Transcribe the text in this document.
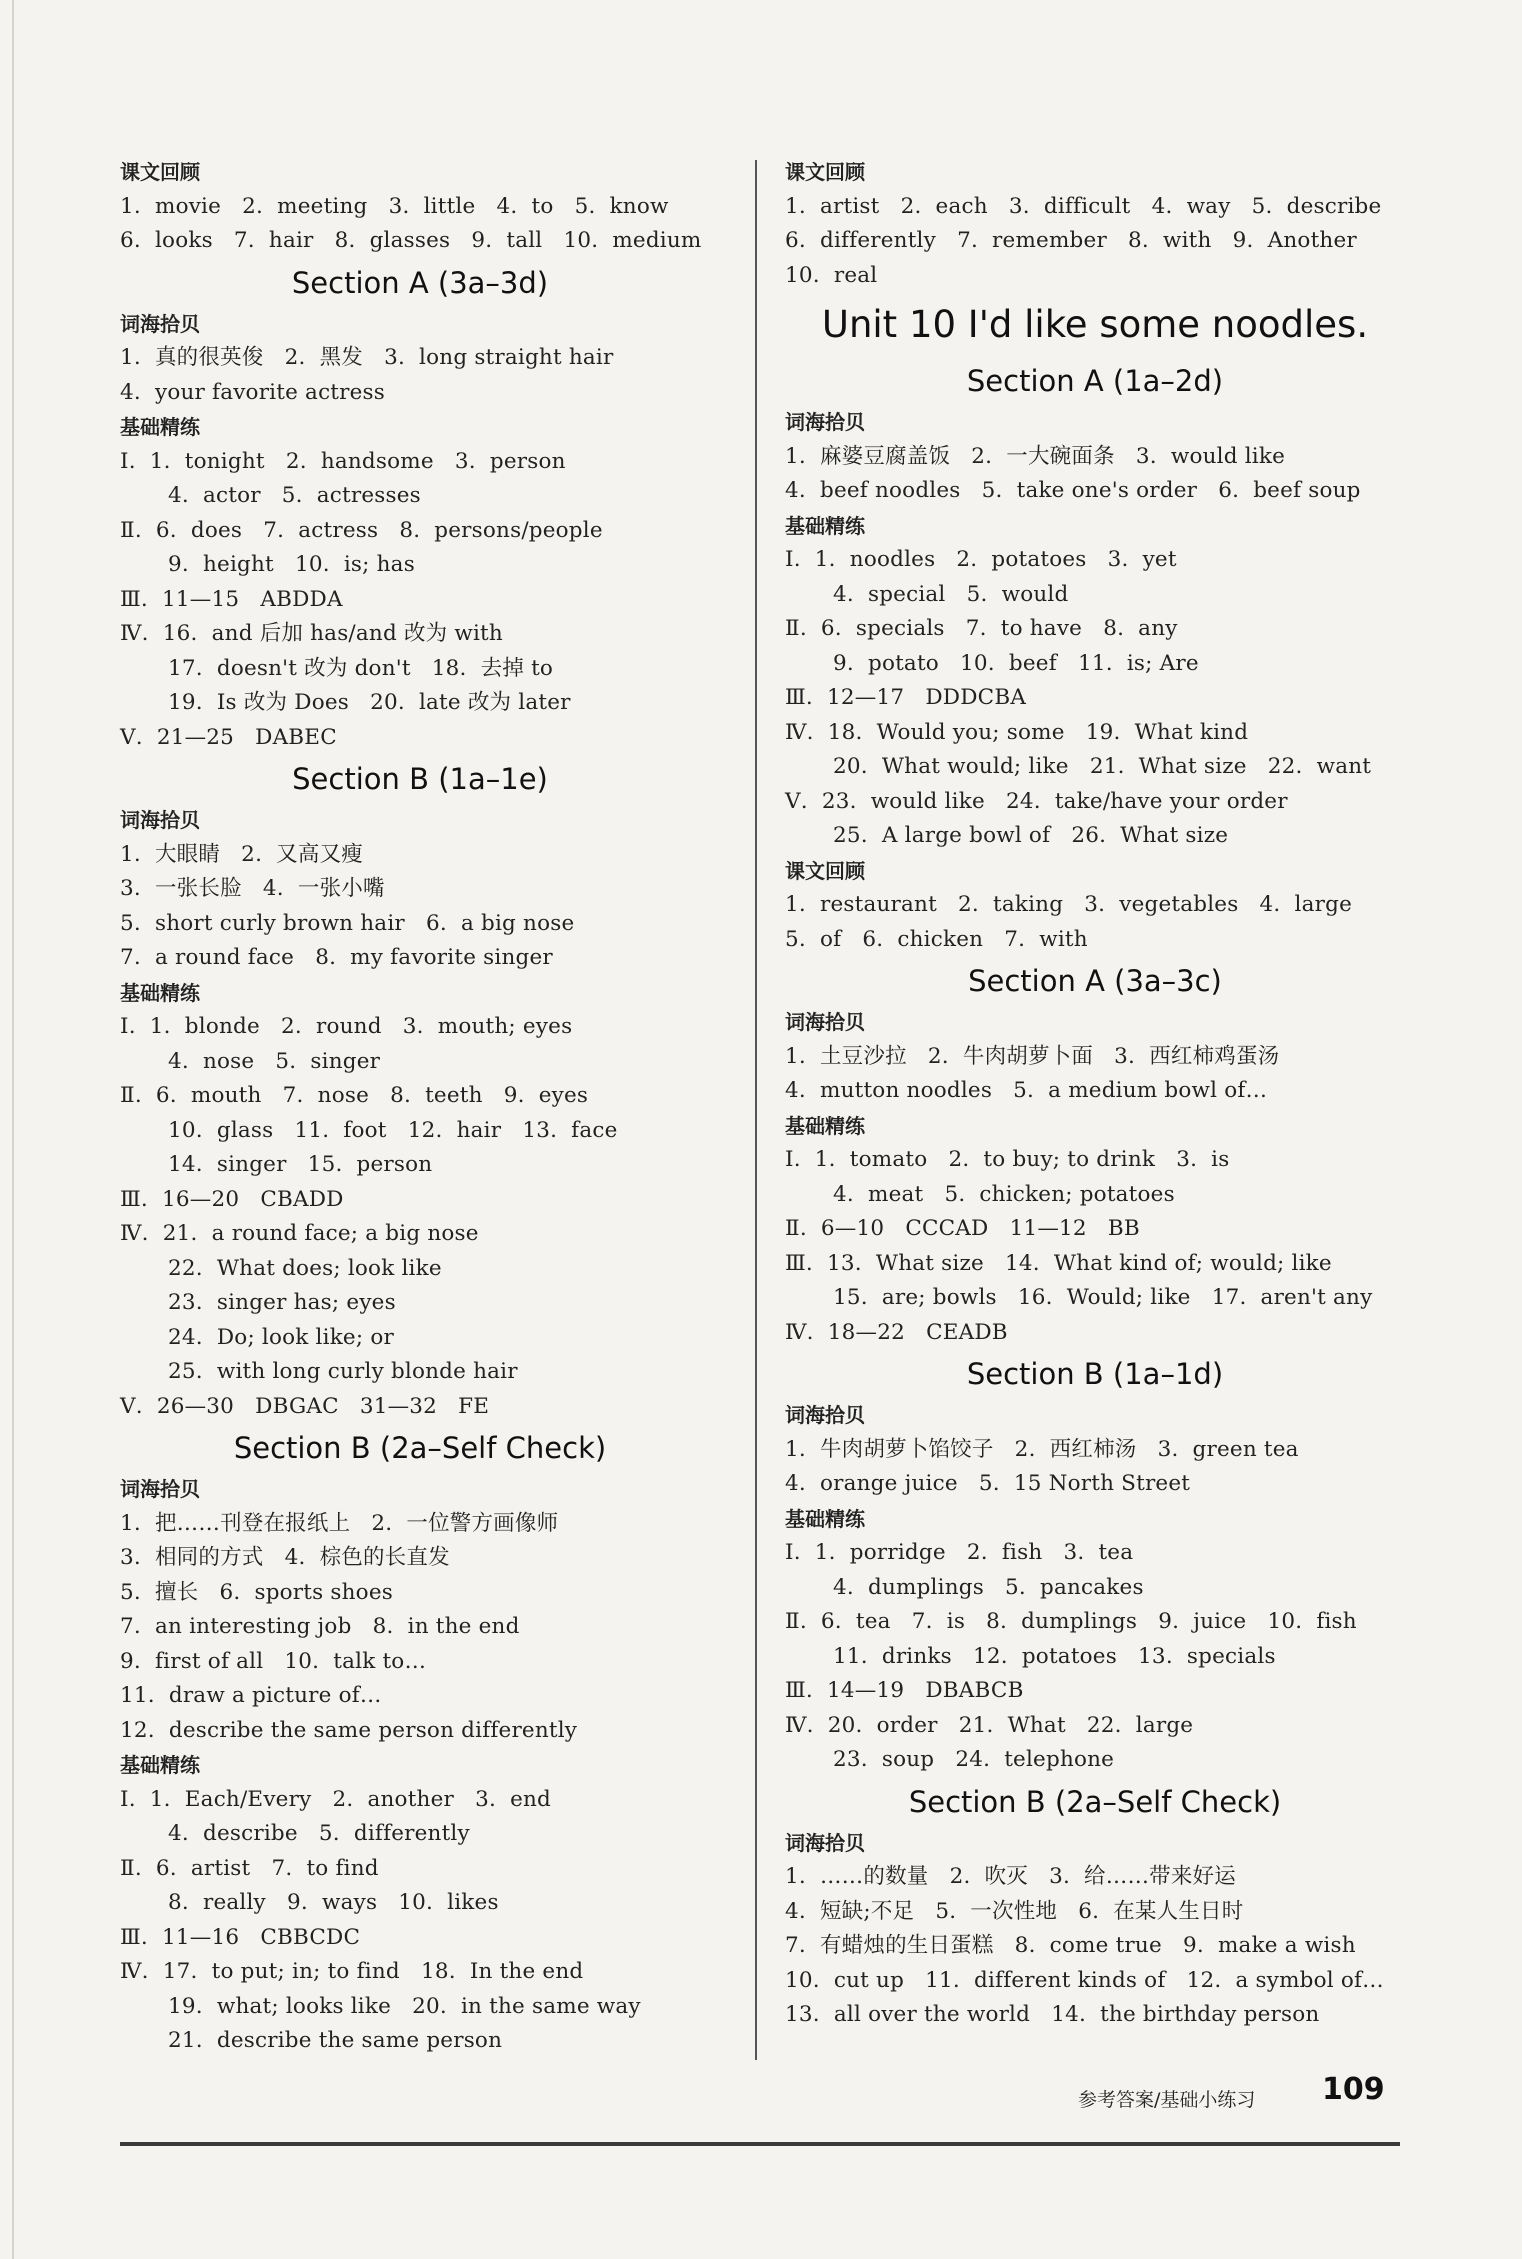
课文回顾
1.  movie   2.  meeting   3.  little   4.  to   5.  know
6.  looks   7.  hair   8.  glasses   9.  tall   10.  medium
Section A (3a–3d)
词海拾贝
1.  真的很英俊   2.  黑发   3.  long straight hair
4.  your favorite actress
基础精练
Ⅰ.  1.  tonight   2.  handsome   3.  person
4.  actor   5.  actresses
Ⅱ.  6.  does   7.  actress   8.  persons/people
9.  height   10.  is; has
Ⅲ.  11—15   ABDDA
Ⅳ.  16.  and 后加 has/and 改为 with
17.  doesn't 改为 don't   18.  去掉 to
19.  Is 改为 Does   20.  late 改为 later
Ⅴ.  21—25   DABEC
Section B (1a–1e)
词海拾贝
1.  大眼睛   2.  又高又瘦
3.  一张长脸   4.  一张小嘴
5.  short curly brown hair   6.  a big nose
7.  a round face   8.  my favorite singer
基础精练
Ⅰ.  1.  blonde   2.  round   3.  mouth; eyes
4.  nose   5.  singer
Ⅱ.  6.  mouth   7.  nose   8.  teeth   9.  eyes
10.  glass   11.  foot   12.  hair   13.  face
14.  singer   15.  person
Ⅲ.  16—20   CBADD
Ⅳ.  21.  a round face; a big nose
22.  What does; look like
23.  singer has; eyes
24.  Do; look like; or
25.  with long curly blonde hair
Ⅴ.  26—30   DBGAC   31—32   FE
Section B (2a–Self Check)
词海拾贝
1.  把……刊登在报纸上   2.  一位警方画像师
3.  相同的方式   4.  棕色的长直发
5.  擅长   6.  sports shoes
7.  an interesting job   8.  in the end
9.  first of all   10.  talk to…
11.  draw a picture of…
12.  describe the same person differently
基础精练
Ⅰ.  1.  Each/Every   2.  another   3.  end
4.  describe   5.  differently
Ⅱ.  6.  artist   7.  to find
8.  really   9.  ways   10.  likes
Ⅲ.  11—16   CBBCDC
Ⅳ.  17.  to put; in; to find   18.  In the end
19.  what; looks like   20.  in the same way
21.  describe the same person
课文回顾
1.  artist   2.  each   3.  difficult   4.  way   5.  describe
6.  differently   7.  remember   8.  with   9.  Another
10.  real
Unit 10 I'd like some noodles.
Section A (1a–2d)
词海拾贝
1.  麻婆豆腐盖饭   2.  一大碗面条   3.  would like
4.  beef noodles   5.  take one's order   6.  beef soup
基础精练
Ⅰ.  1.  noodles   2.  potatoes   3.  yet
4.  special   5.  would
Ⅱ.  6.  specials   7.  to have   8.  any
9.  potato   10.  beef   11.  is; Are
Ⅲ.  12—17   DDDCBA
Ⅳ.  18.  Would you; some   19.  What kind
20.  What would; like   21.  What size   22.  want
Ⅴ.  23.  would like   24.  take/have your order
25.  A large bowl of   26.  What size
课文回顾
1.  restaurant   2.  taking   3.  vegetables   4.  large
5.  of   6.  chicken   7.  with
Section A (3a–3c)
词海拾贝
1.  土豆沙拉   2.  牛肉胡萝卜面   3.  西红柿鸡蛋汤
4.  mutton noodles   5.  a medium bowl of…
基础精练
Ⅰ.  1.  tomato   2.  to buy; to drink   3.  is
4.  meat   5.  chicken; potatoes
Ⅱ.  6—10   CCCAD   11—12   BB
Ⅲ.  13.  What size   14.  What kind of; would; like
15.  are; bowls   16.  Would; like   17.  aren't any
Ⅳ.  18—22   CEADB
Section B (1a–1d)
词海拾贝
1.  牛肉胡萝卜馅饺子   2.  西红柿汤   3.  green tea
4.  orange juice   5.  15 North Street
基础精练
Ⅰ.  1.  porridge   2.  fish   3.  tea
4.  dumplings   5.  pancakes
Ⅱ.  6.  tea   7.  is   8.  dumplings   9.  juice   10.  fish
11.  drinks   12.  potatoes   13.  specials
Ⅲ.  14—19   DBABCB
Ⅳ.  20.  order   21.  What   22.  large
23.  soup   24.  telephone
Section B (2a–Self Check)
词海拾贝
1.  ……的数量   2.  吹灭   3.  给……带来好运
4.  短缺;不足   5.  一次性地   6.  在某人生日时
7.  有蜡烛的生日蛋糕   8.  come true   9.  make a wish
10.  cut up   11.  different kinds of   12.  a symbol of…
13.  all over the world   14.  the birthday person
参考答案/基础小练习 109
